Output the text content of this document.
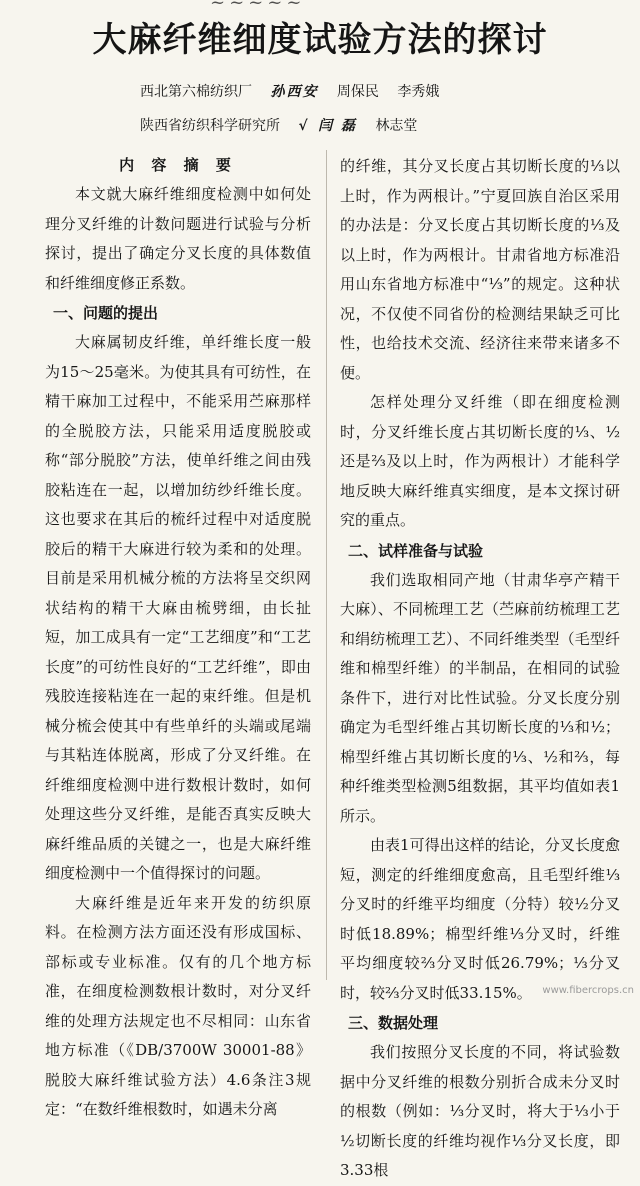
~~~~~
大麻纤维细度试验方法的探讨
西北第六棉纺织厂 孙西安 周保民 李秀娥
陕西省纺织科学研究所 √ 闫 磊 林志堂
内 容 摘 要

本文就大麻纤维细度检测中如何处理分叉纤维的计数问题进行试验与分析探讨，提出了确定分叉长度的具体数值和纤维细度修正系数。

一、问题的提出

大麻属韧皮纤维，单纤维长度一般为15～25毫米。为使其具有可纺性，在精干麻加工过程中，不能采用苎麻那样的全脱胶方法，只能采用适度脱胶或称“部分脱胶”方法，使单纤维之间由残胶粘连在一起，以增加纺纱纤维长度。这也要求在其后的梳纤过程中对适度脱胶后的精干大麻进行较为柔和的处理。目前是采用机械分梳的方法将呈交织网状结构的精干大麻由梳劈细，由长扯短，加工成具有一定“工艺细度”和“工艺长度”的可纺性良好的“工艺纤维”，即由残胶连接粘连在一起的束纤维。但是机械分梳会使其中有些单纤的头端或尾端与其粘连体脱离，形成了分叉纤维。在纤维细度检测中进行数根计数时，如何处理这些分叉纤维，是能否真实反映大麻纤维品质的关键之一，也是大麻纤维细度检测中一个值得探讨的问题。

大麻纤维是近年来开发的纺织原料。在检测方法方面还没有形成国标、部标或专业标准。仅有的几个地方标准，在细度检测数根计数时，对分叉纤维的处理方法规定也不尽相同：山东省地方标准（《DB/3700W 30001-88》脱胶大麻纤维试验方法）4.6条注3规定：“在数纤维根数时，如遇未分离

的纤维，其分叉长度占其切断长度的⅓以上时，作为两根计。”宁夏回族自治区采用的办法是：分叉长度占其切断长度的⅓及以上时，作为两根计。甘肃省地方标准沿用山东省地方标准中“⅓”的规定。这种状况，不仅使不同省份的检测结果缺乏可比性，也给技术交流、经济往来带来诸多不便。

怎样处理分叉纤维（即在细度检测时，分叉纤维长度占其切断长度的⅓、½还是⅔及以上时，作为两根计）才能科学地反映大麻纤维真实细度，是本文探讨研究的重点。

二、试样准备与试验

我们选取相同产地（甘肃华亭产精干大麻）、不同梳理工艺（苎麻前纺梳理工艺和绢纺梳理工艺）、不同纤维类型（毛型纤维和棉型纤维）的半制品，在相同的试验条件下，进行对比性试验。分叉长度分别确定为毛型纤维占其切断长度的⅓和½；棉型纤维占其切断长度的⅓、½和⅔，每种纤维类型检测5组数据，其平均值如表1所示。

由表1可得出这样的结论，分叉长度愈短，测定的纤维细度愈高，且毛型纤维⅓分叉时的纤维平均细度（分特）较½分叉时低18.89%；棉型纤维⅓分叉时，纤维平均细度较⅔分叉时低26.79%；⅓分叉时，较⅔分叉时低33.15%。

三、数据处理

我们按照分叉长度的不同，将试验数据中分叉纤维的根数分别折合成未分叉时的根数（例如：⅓分叉时，将大于⅓小于½切断长度的纤维均视作⅓分叉长度，即3.33根

www.fibercrops.cn
